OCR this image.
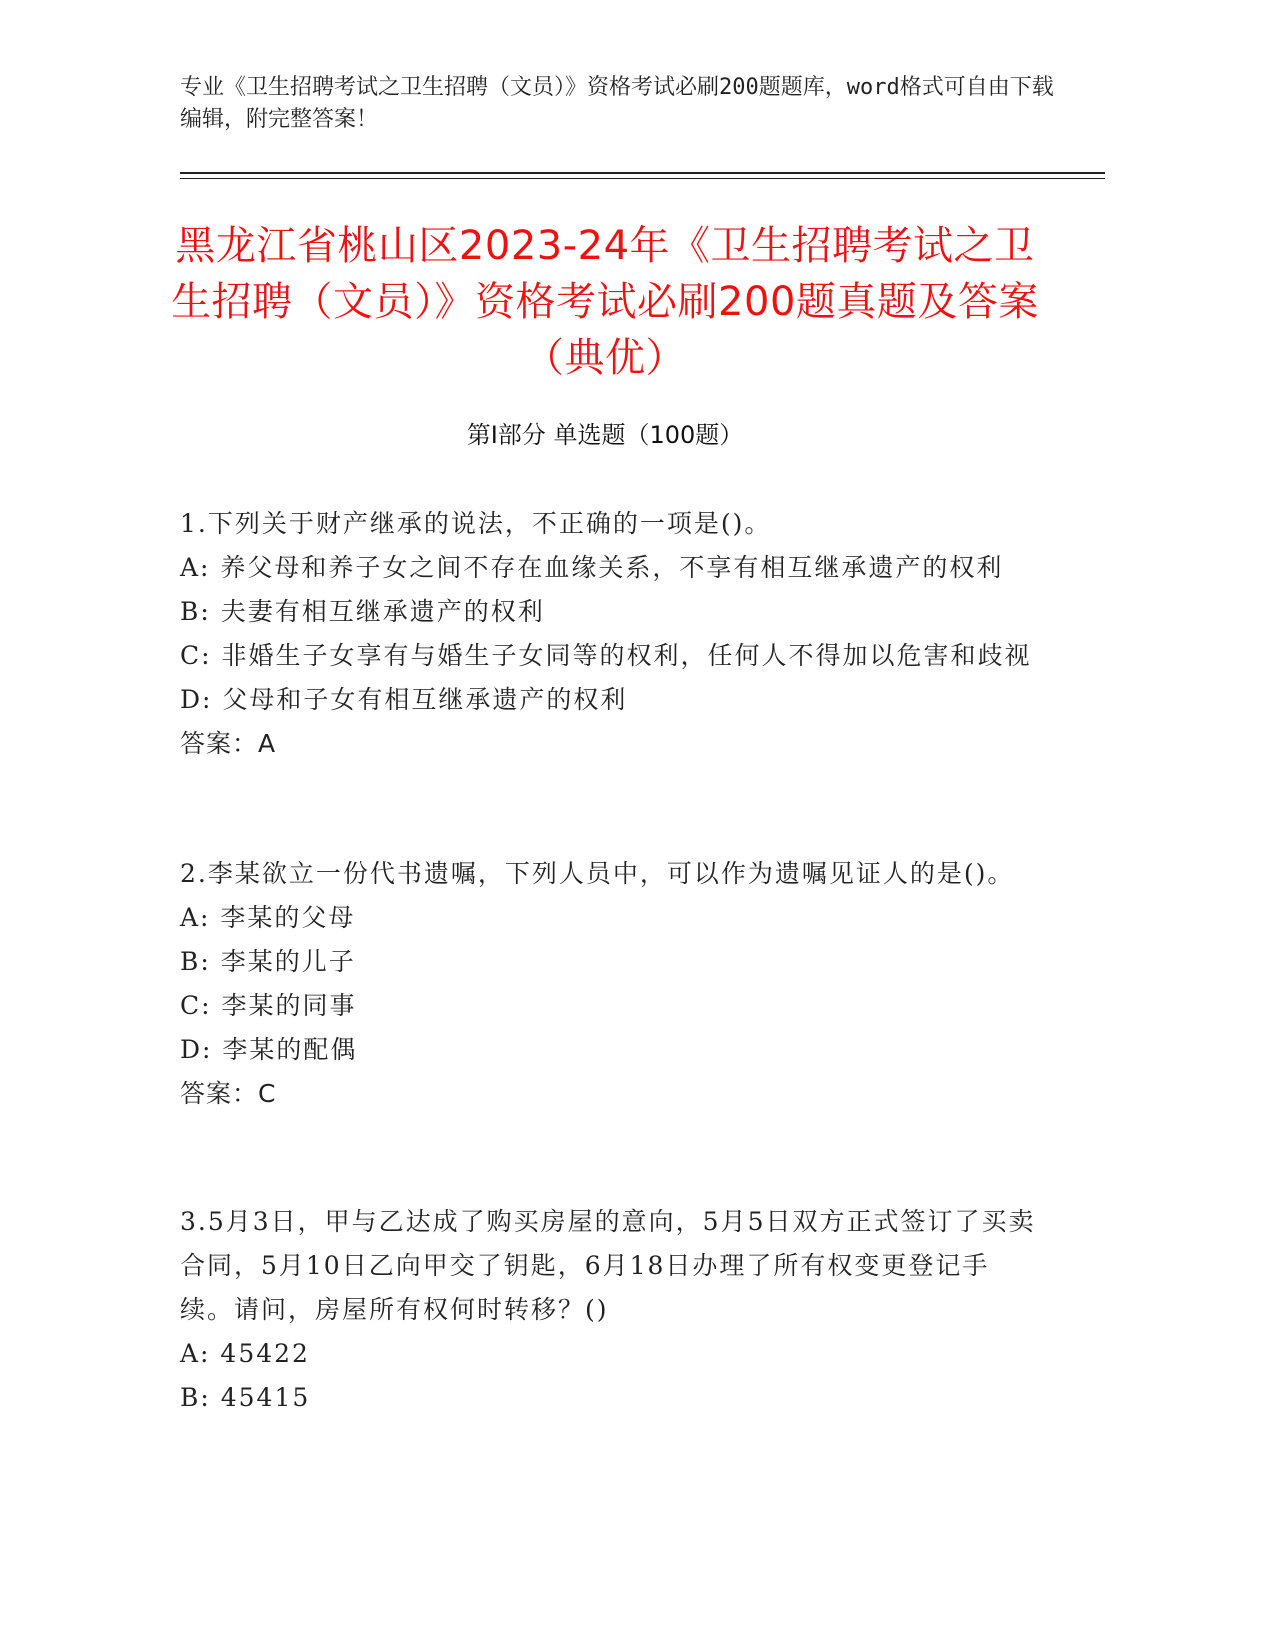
专业《卫生招聘考试之卫生招聘（文员）》资格考试必刷200题题库，word格式可自由下载编辑，附完整答案！
黑龙江省桃山区2023-24年《卫生招聘考试之卫生招聘（文员）》资格考试必刷200题真题及答案（典优）
第Ⅰ部分 单选题（100题）

1.下列关于财产继承的说法，不正确的一项是()。

A: 养父母和养子女之间不存在血缘关系，不享有相互继承遗产的权利

B: 夫妻有相互继承遗产的权利

C: 非婚生子女享有与婚生子女同等的权利，任何人不得加以危害和歧视

D: 父母和子女有相互继承遗产的权利

答案：A

2.李某欲立一份代书遗嘱，下列人员中，可以作为遗嘱见证人的是()。

A: 李某的父母

B: 李某的儿子

C: 李某的同事

D: 李某的配偶

答案：C

3.5月3日，甲与乙达成了购买房屋的意向，5月5日双方正式签订了买卖合同，5月10日乙向甲交了钥匙，6月18日办理了所有权变更登记手续。请问，房屋所有权何时转移？()

A: 45422

B: 45415
